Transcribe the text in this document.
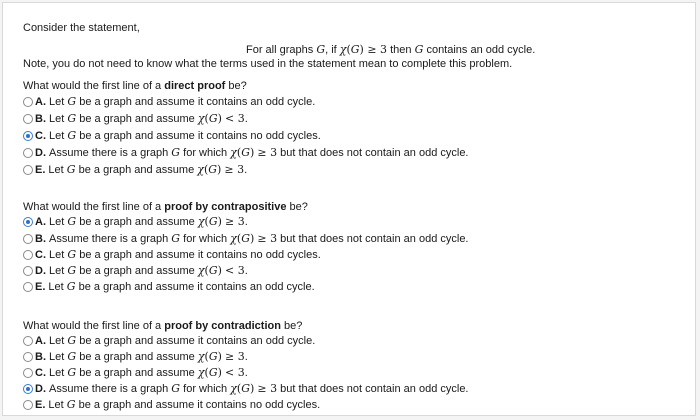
Consider the statement,
For all graphs G, if χ(G) ≥ 3 then G contains an odd cycle.
Note, you do not need to know what the terms used in the statement mean to complete this problem.
What would the first line of a direct proof be?
A. Let G be a graph and assume it contains an odd cycle.
B. Let G be a graph and assume χ(G) < 3.
C. Let G be a graph and assume it contains no odd cycles.
D. Assume there is a graph G for which χ(G) ≥ 3 but that does not contain an odd cycle.
E. Let G be a graph and assume χ(G) ≥ 3.
What would the first line of a proof by contrapositive be?
A. Let G be a graph and assume χ(G) ≥ 3.
B. Assume there is a graph G for which χ(G) ≥ 3 but that does not contain an odd cycle.
C. Let G be a graph and assume it contains no odd cycles.
D. Let G be a graph and assume χ(G) < 3.
E. Let G be a graph and assume it contains an odd cycle.
What would the first line of a proof by contradiction be?
A. Let G be a graph and assume it contains an odd cycle.
B. Let G be a graph and assume χ(G) ≥ 3.
C. Let G be a graph and assume χ(G) < 3.
D. Assume there is a graph G for which χ(G) ≥ 3 but that does not contain an odd cycle.
E. Let G be a graph and assume it contains no odd cycles.
